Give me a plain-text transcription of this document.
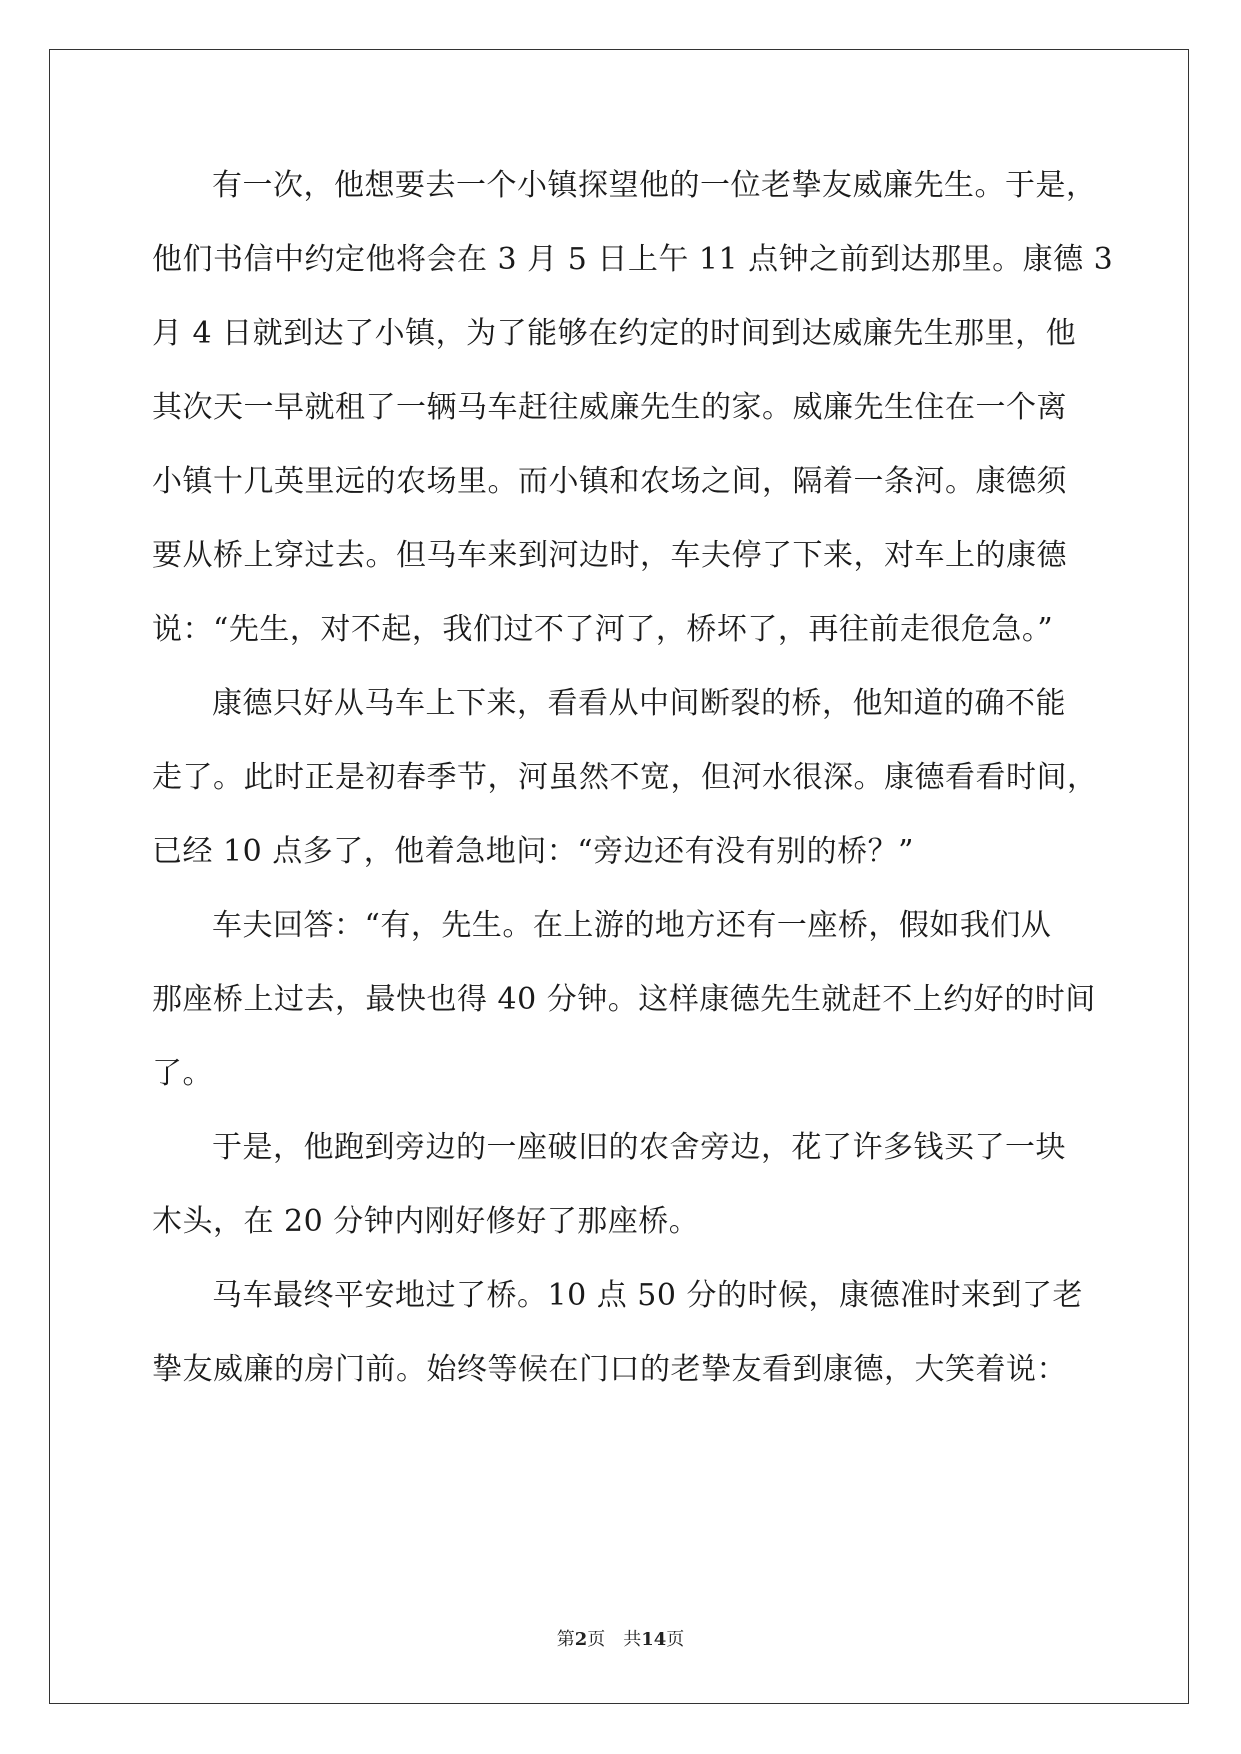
有一次，他想要去一个小镇探望他的一位老挚友威廉先生。于是，
他们书信中约定他将会在 3 月 5 日上午 11 点钟之前到达那里。康德 3
月 4 日就到达了小镇，为了能够在约定的时间到达威廉先生那里，他
其次天一早就租了一辆马车赶往威廉先生的家。威廉先生住在一个离
小镇十几英里远的农场里。而小镇和农场之间，隔着一条河。康德须
要从桥上穿过去。但马车来到河边时，车夫停了下来，对车上的康德
说：“先生，对不起，我们过不了河了，桥坏了，再往前走很危急。”
康德只好从马车上下来，看看从中间断裂的桥，他知道的确不能
走了。此时正是初春季节，河虽然不宽，但河水很深。康德看看时间，
已经 10 点多了，他着急地问：“旁边还有没有别的桥？”
车夫回答：“有，先生。在上游的地方还有一座桥，假如我们从
那座桥上过去，最快也得 40 分钟。这样康德先生就赶不上约好的时间
了。
于是，他跑到旁边的一座破旧的农舍旁边，花了许多钱买了一块
木头，在 20 分钟内刚好修好了那座桥。
马车最终平安地过了桥。10 点 50 分的时候，康德准时来到了老
挚友威廉的房门前。始终等候在门口的老挚友看到康德，大笑着说：
第2页 共14页
